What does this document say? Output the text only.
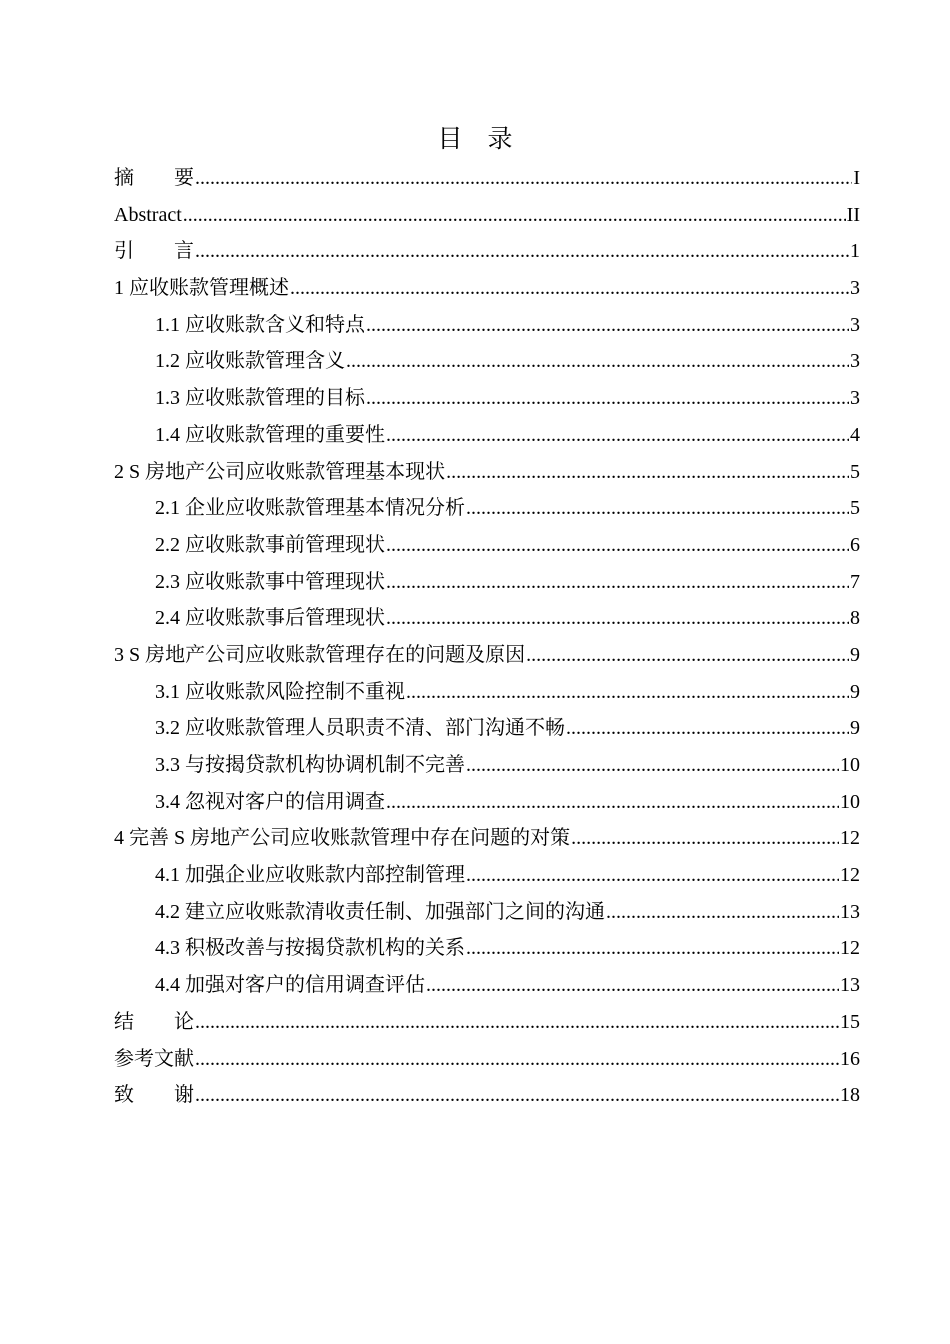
目　录
摘　　要 .....	I
Abstract .....	II
引　　言 .....	1
1 应收账款管理概述 .....	3
1.1 应收账款含义和特点 .....	3
1.2 应收账款管理含义 .....	3
1.3 应收账款管理的目标 .....	3
1.4 应收账款管理的重要性 .....	4
2 S 房地产公司应收账款管理基本现状 .....	5
2.1 企业应收账款管理基本情况分析 .....	5
2.2 应收账款事前管理现状 .....	6
2.3 应收账款事中管理现状 .....	7
2.4 应收账款事后管理现状 .....	8
3 S 房地产公司应收账款管理存在的问题及原因 .....	9
3.1 应收账款风险控制不重视 .....	9
3.2 应收账款管理人员职责不清、部门沟通不畅 .....	9
3.3 与按揭贷款机构协调机制不完善 .....	10
3.4 忽视对客户的信用调查 .....	10
4 完善 S 房地产公司应收账款管理中存在问题的对策 .....	12
4.1 加强企业应收账款内部控制管理 .....	12
4.2 建立应收账款清收责任制、加强部门之间的沟通 .....	13
4.3 积极改善与按揭贷款机构的关系 .....	12
4.4 加强对客户的信用调查评估 .....	13
结　　论 .....	15
参考文献 .....	16
致　　谢 .....	18
